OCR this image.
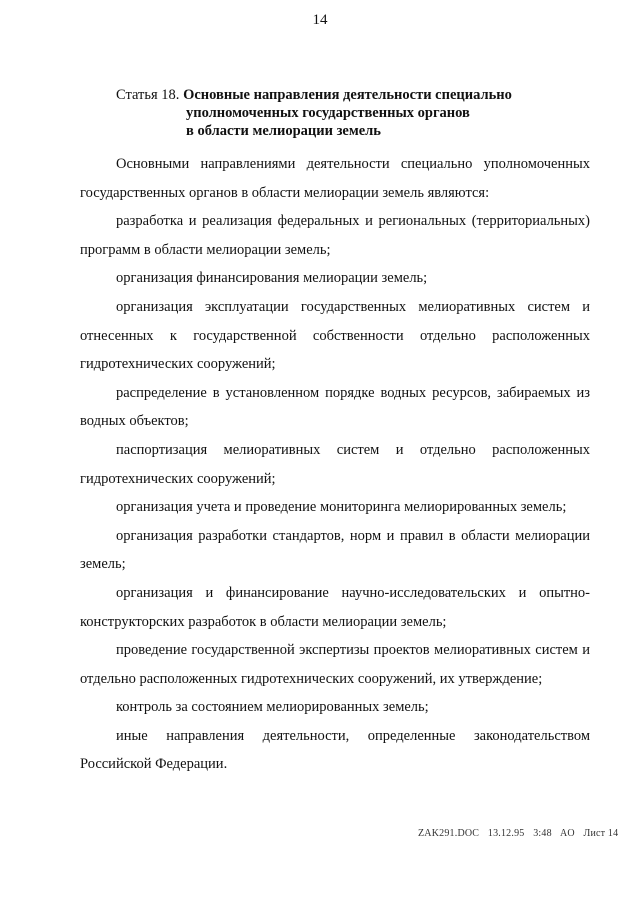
14
Статья 18. Основные направления деятельности специально
уполномоченных государственных органов
в области мелиорации земель

Основными направлениями деятельности специально уполномоченных государственных органов в области мелиорации земель являются:

разработка и реализация федеральных и региональных (территориальных) программ в области мелиорации земель;

организация финансирования мелиорации земель;

организация эксплуатации государственных мелиоративных систем и отнесенных к государственной собственности отдельно расположенных гидротехнических сооружений;

распределение в установленном порядке водных ресурсов, забираемых из водных объектов;

паспортизация мелиоративных систем и отдельно расположенных гидротехнических сооружений;

организация учета и проведение мониторинга мелиорированных земель;

организация разработки стандартов, норм и правил в области мелиорации земель;

организация и финансирование научно-исследовательских и опытно-конструкторских разработок в области мелиорации земель;

проведение государственной экспертизы проектов мелиоративных систем и отдельно расположенных гидротехнических сооружений, их утверждение;

контроль за состоянием мелиорированных земель;

иные направления деятельности, определенные законодательством Российской Федерации.

ZAK291.DOC 13.12.95 3:48 AO Лист 14
